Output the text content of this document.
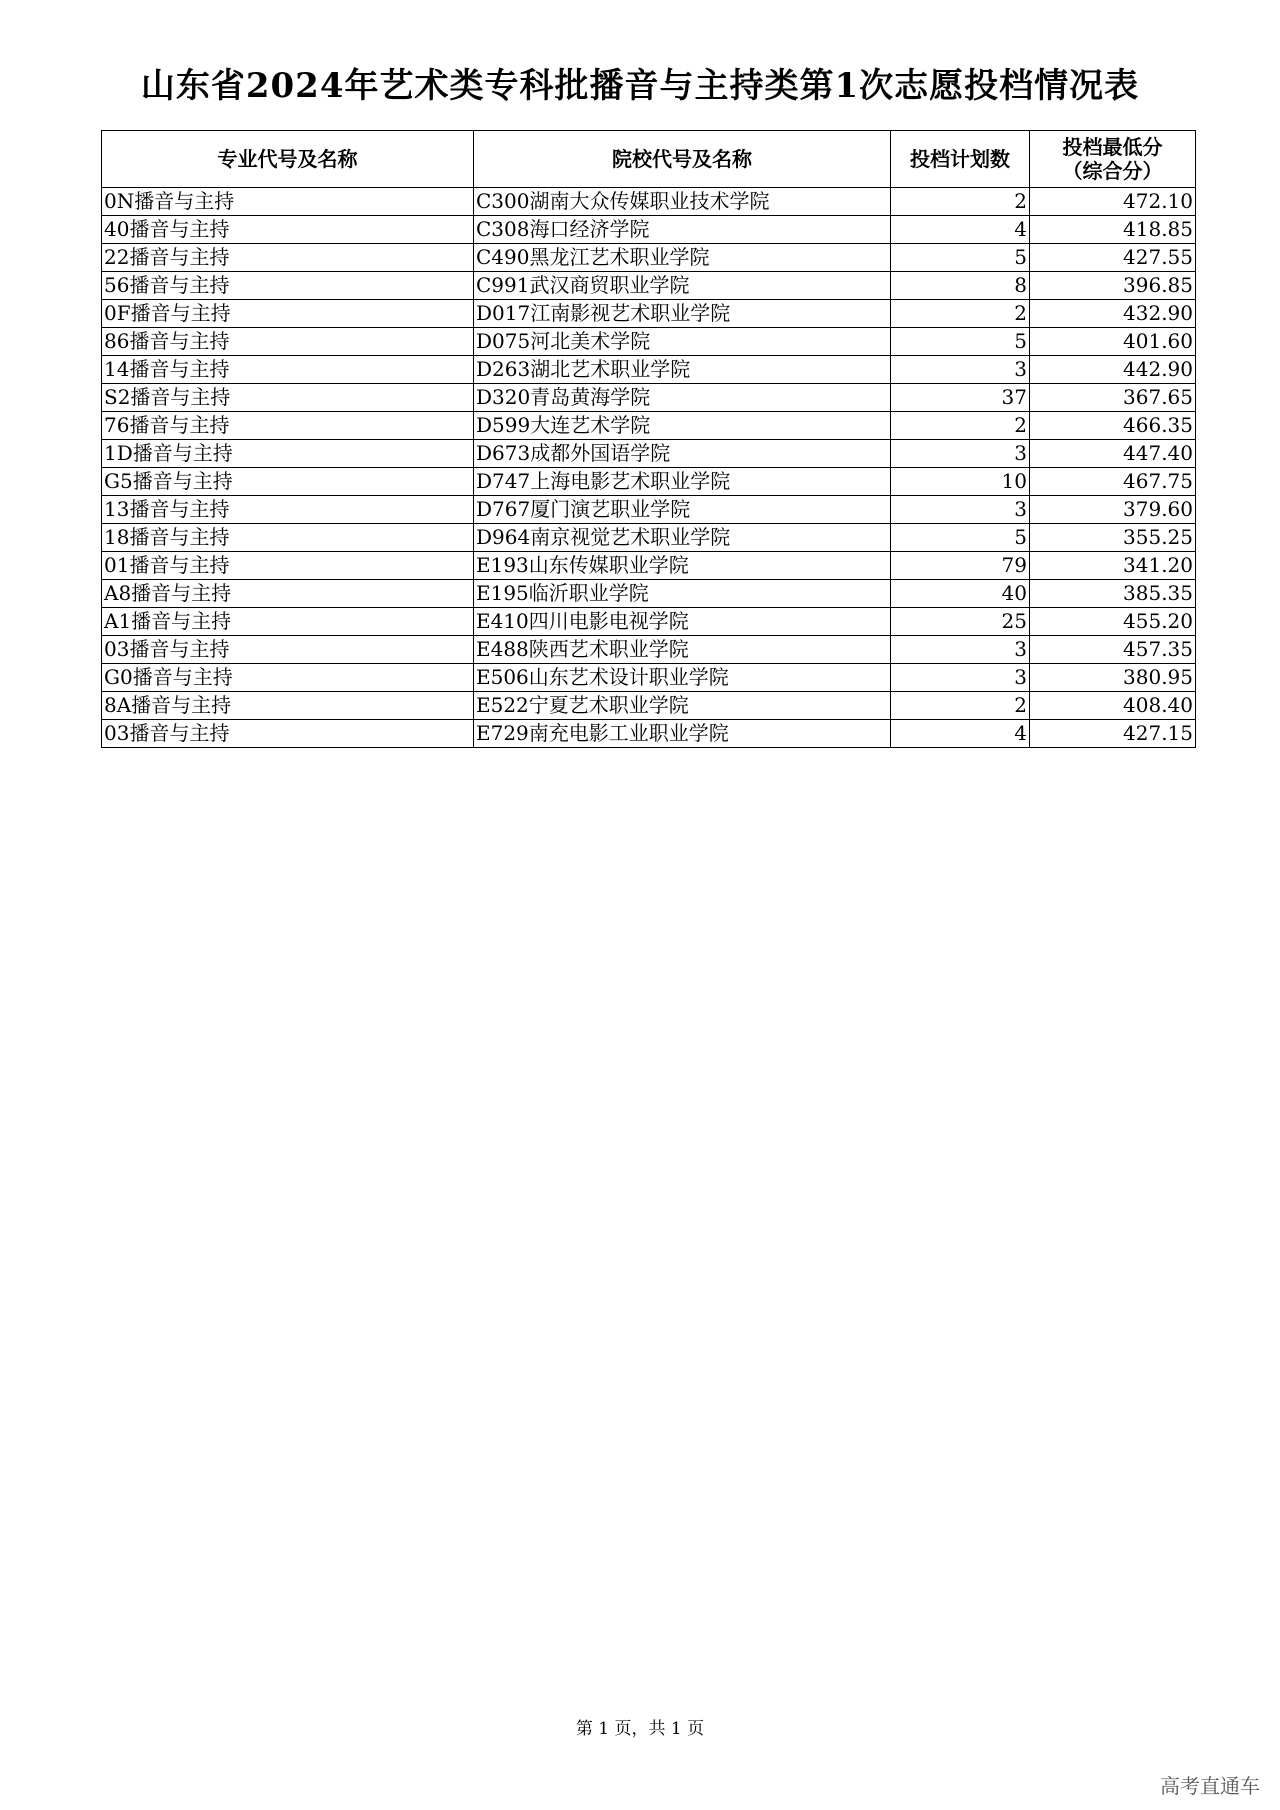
山东省2024年艺术类专科批播音与主持类第1次志愿投档情况表
专业代号及名称	院校代号及名称	投档计划数	投档最低分
（综合分）

0N播音与主持	C300湖南大众传媒职业技术学院	2	472.10
40播音与主持	C308海口经济学院	4	418.85
22播音与主持	C490黑龙江艺术职业学院	5	427.55
56播音与主持	C991武汉商贸职业学院	8	396.85
0F播音与主持	D017江南影视艺术职业学院	2	432.90
86播音与主持	D075河北美术学院	5	401.60
14播音与主持	D263湖北艺术职业学院	3	442.90
S2播音与主持	D320青岛黄海学院	37	367.65
76播音与主持	D599大连艺术学院	2	466.35
1D播音与主持	D673成都外国语学院	3	447.40
G5播音与主持	D747上海电影艺术职业学院	10	467.75
13播音与主持	D767厦门演艺职业学院	3	379.60
18播音与主持	D964南京视觉艺术职业学院	5	355.25
01播音与主持	E193山东传媒职业学院	79	341.20
A8播音与主持	E195临沂职业学院	40	385.35
A1播音与主持	E410四川电影电视学院	25	455.20
03播音与主持	E488陕西艺术职业学院	3	457.35
G0播音与主持	E506山东艺术设计职业学院	3	380.95
8A播音与主持	E522宁夏艺术职业学院	2	408.40
03播音与主持	E729南充电影工业职业学院	4	427.15
第 1 页，共 1 页
高考直通车
